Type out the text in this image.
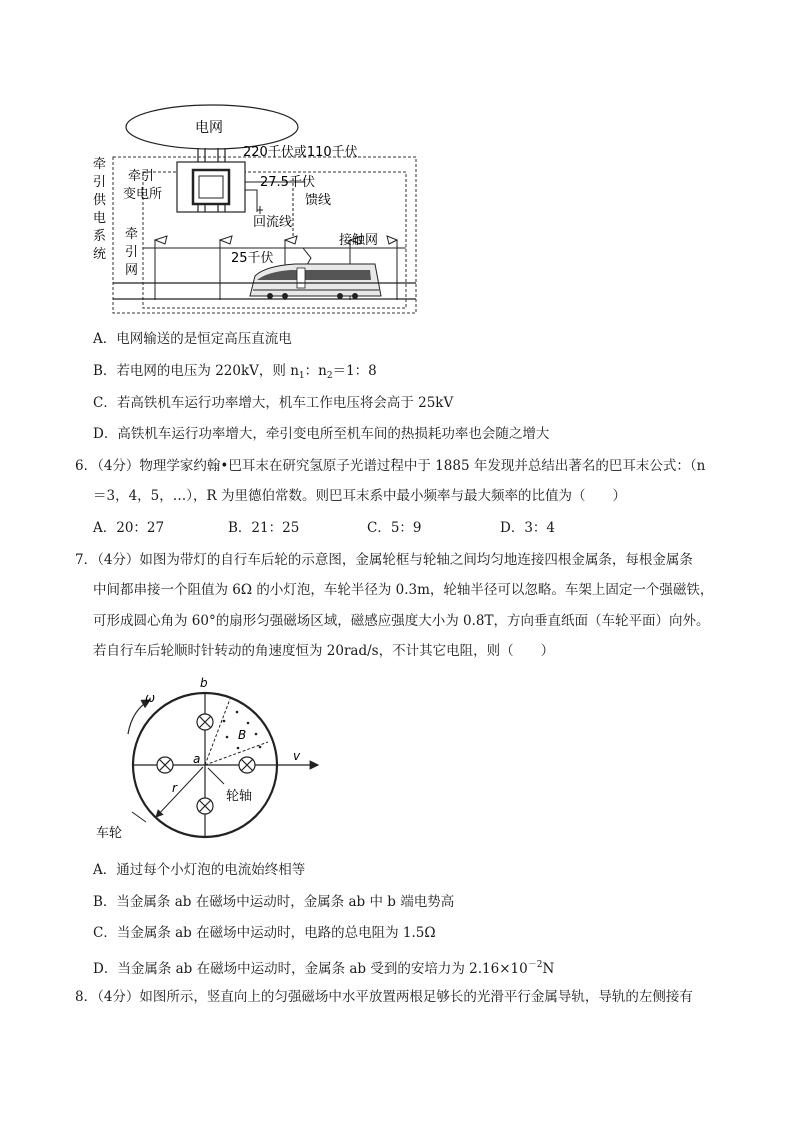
电网
220千伏或110千伏
牵引
变电所
27.5千伏
馈线
回流线
牵
引
供
电
系
统
牵
引
网
接触网
25千伏
A．电网输送的是恒定高压直流电
B．若电网的电压为 220kV，则 $n_1$：$n_2=1$：8
C．若高铁机车运行功率增大，机车工作电压将会高于 25kV
D．高铁机车运行功率增大，牵引变电所至机车间的热损耗功率也会随之增大
6．（4分）物理学家约翰•巴耳末在研究氢原子光谱过程中于 1885 年发现并总结出著名的巴耳末公式：（n
＝3，4，5，…），R 为里德伯常数。则巴耳末系中最小频率与最大频率的比值为（　　）
A．20：27	B．21：25	C．5：9	D．3：4
7．（4分）如图为带灯的自行车后轮的示意图，金属轮框与轮轴之间均匀地连接四根金属条，每根金属条
中间都串接一个阻值为 6Ω 的小灯泡，车轮半径为 0.3m，轮轴半径可以忽略。车架上固定一个强磁铁，
可形成圆心角为 60°的扇形匀强磁场区域，磁感应强度大小为 0.8T，方向垂直纸面（车轮平面）向外。
若自行车后轮顺时针转动的角速度恒为 20rad/s，不计其它电阻，则（　　）
ω
b
B
a	v
r
轮轴
车轮
A．通过每个小灯泡的电流始终相等
B．当金属条 ab 在磁场中运动时，金属条 ab 中 b 端电势高
C．当金属条 ab 在磁场中运动时，电路的总电阻为 1.5Ω
D．当金属条 ab 在磁场中运动时，金属条 ab 受到的安培力为 $2.16\times 10^{-2}N$
8．（4分）如图所示，竖直向上的匀强磁场中水平放置两根足够长的光滑平行金属导轨，导轨的左侧接有
